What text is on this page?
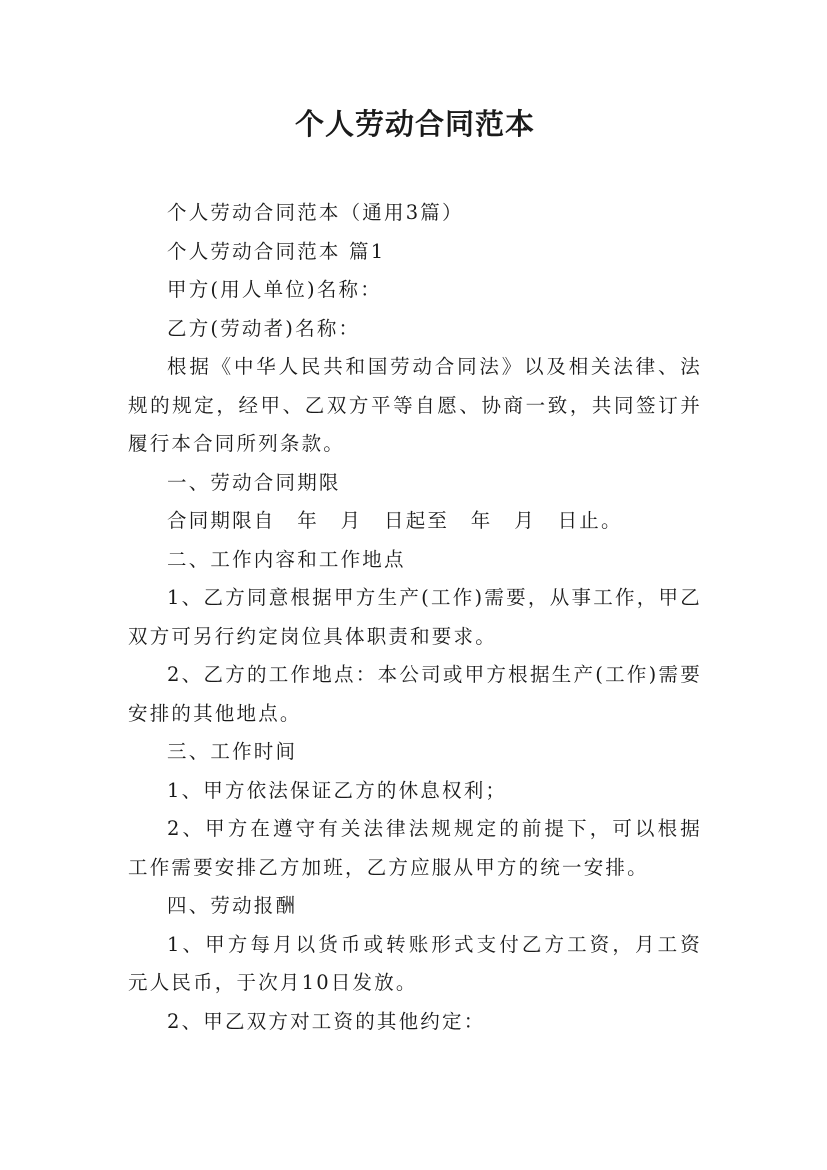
个人劳动合同范本

个人劳动合同范本（通用3篇）

个人劳动合同范本 篇1

甲方(用人单位)名称：

乙方(劳动者)名称：

根据《中华人民共和国劳动合同法》以及相关法律、法规的规定，经甲、乙双方平等自愿、协商一致，共同签订并履行本合同所列条款。

一、劳动合同期限

合同期限自　年　月　日起至　年　月　日止。

二、工作内容和工作地点

1、乙方同意根据甲方生产(工作)需要，从事工作，甲乙双方可另行约定岗位具体职责和要求。

2、乙方的工作地点：本公司或甲方根据生产(工作)需要安排的其他地点。

三、工作时间

1、甲方依法保证乙方的休息权利；

2、甲方在遵守有关法律法规规定的前提下，可以根据工作需要安排乙方加班，乙方应服从甲方的统一安排。

四、劳动报酬

1、甲方每月以货币或转账形式支付乙方工资，月工资元人民币，于次月10日发放。

2、甲乙双方对工资的其他约定：
